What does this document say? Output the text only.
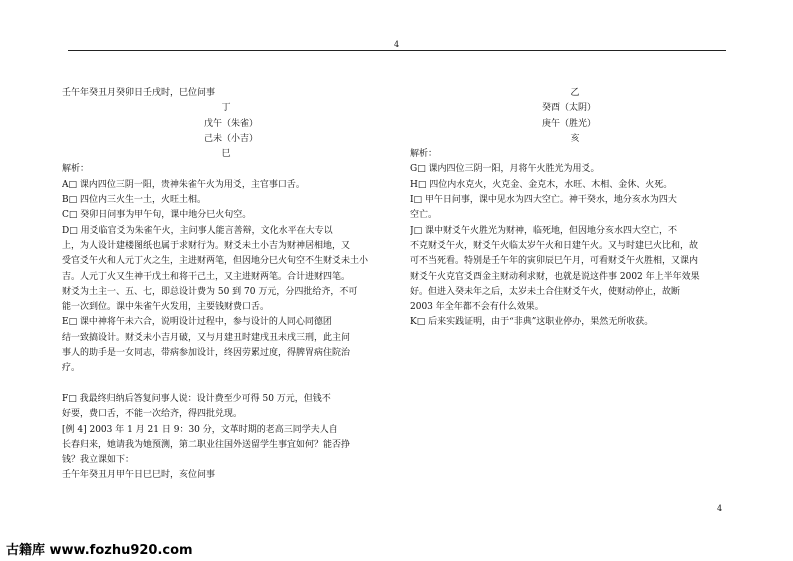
4
壬午年癸丑月癸卯日壬戌时，巳位问事
丁
戊午（朱雀）
己未（小吉）
巳
解析：
A□ 课内四位三阴一阳，贵神朱雀午火为用爻，主官事口舌。
B□ 四位内三火生一土，火旺土相。
C□ 癸卯日问事为甲午旬，课中地分巳火旬空。
D□ 用爻临官爻为朱雀午火，主问事人能言善辩，文化水平在大专以
上，为人设计建楼图纸也属于求财行为。财爻未土小吉为财神居相地，又
受官爻午火和人元丁火之生，主进财两笔，但因地分巳火旬空不生财爻未土小
吉。人元丁火又生神干戊土和将干己土，又主进财两笔。合计进财四笔。
财爻为土主一、五、七，即总设计费为 50 到 70 万元，分四批给齐，不可
能一次到位。课中朱雀午火发用，主要钱财费口舌。
E□ 课中神将午未六合，说明设计过程中，参与设计的人同心同德团
结一致搞设计。财爻未小吉月破，又与月建丑时建戌丑未戌三刑，此主问
事人的助手是一女同志，带病参加设计，终因劳累过度，得脾胃病住院治
疗。

F□ 我最终归纳后答复问事人说：设计费至少可得 50 万元，但钱不
好要，费口舌，不能一次给齐，得四批兑现。
[例 4] 2003 年 1 月 21 日 9：30 分，文革时期的老高三同学夫人自
长春归来，她请我为她预测，第二职业往国外送留学生事宜如何？能否挣
钱？我立课如下：
壬午年癸丑月甲午日巳巳时，亥位问事
乙
癸酉（太阴）
庚午（胜光）
亥
解析：
G□ 课内四位三阴一阳，月将午火胜光为用爻。
H□ 四位内水克火，火克金、金克木，水旺、木相、金休、火死。
I□ 甲午日问事，课中见水为四大空亡。神干癸水，地分亥水为四大
空亡。
J□ 课中财爻午火胜光为财神，临死地，但因地分亥水四大空亡，不
不克财爻午火，财爻午火临太岁午火和日建午火。又与时建巳火比和，故
可不当死看。特别是壬午年的寅卯辰巳午月，可看财爻午火胜相，又课内
财爻午火克官爻酉金主财动利求财，也就是说这件事 2002 年上半年效果
好。但进入癸未年之后，太岁未土合住财爻午火，使财动停止，故断
2003 年全年都不会有什么效果。
K□ 后来实践证明，由于“非典”这职业停办，果然无所收获。
4
古籍库 www.fozhu920.com
